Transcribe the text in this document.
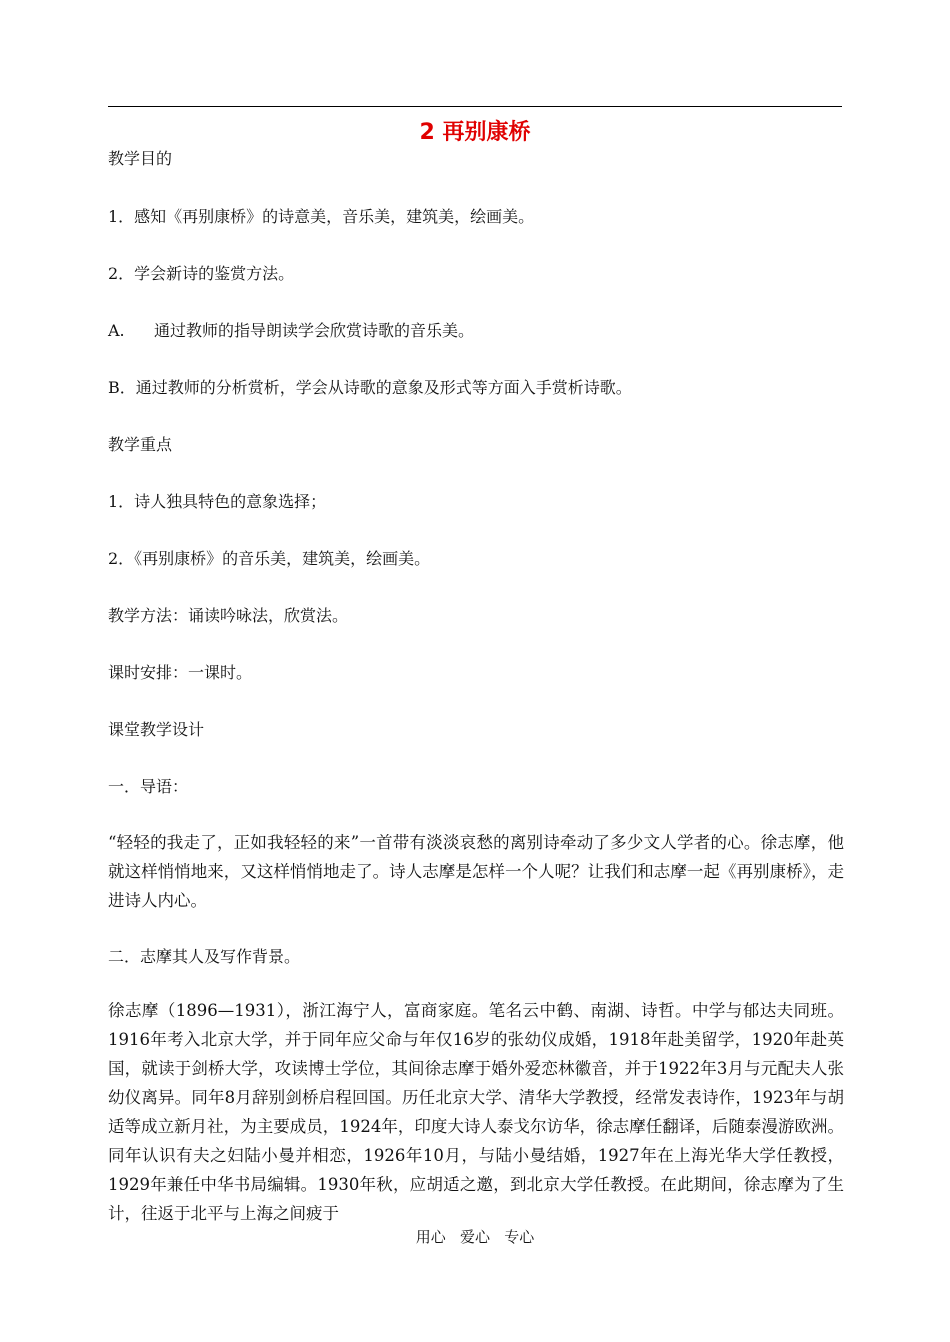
2 再别康桥
教学目的
1．感知《再别康桥》的诗意美，音乐美，建筑美，绘画美。
2．学会新诗的鉴赏方法。
A. 通过教师的指导朗读学会欣赏诗歌的音乐美。
B．通过教师的分析赏析，学会从诗歌的意象及形式等方面入手赏析诗歌。
教学重点
1．诗人独具特色的意象选择；
2．《再别康桥》的音乐美，建筑美，绘画美。
教学方法：诵读吟咏法，欣赏法。
课时安排：一课时。
课堂教学设计
一．导语：
“轻轻的我走了，正如我轻轻的来”一首带有淡淡哀愁的离别诗牵动了多少文人学者的心。徐志摩，他就这样悄悄地来，又这样悄悄地走了。诗人志摩是怎样一个人呢？让我们和志摩一起《再别康桥》，走进诗人内心。
二．志摩其人及写作背景。
徐志摩（1896—1931），浙江海宁人，富商家庭。笔名云中鹤、南湖、诗哲。中学与郁达夫同班。1916年考入北京大学，并于同年应父命与年仅16岁的张幼仪成婚，1918年赴美留学，1920年赴英国，就读于剑桥大学，攻读博士学位，其间徐志摩于婚外爱恋林徽音，并于1922年3月与元配夫人张幼仪离异。同年8月辞别剑桥启程回国。历任北京大学、清华大学教授，经常发表诗作，1923年与胡适等成立新月社，为主要成员，1924年，印度大诗人泰戈尔访华，徐志摩任翻译，后随泰漫游欧洲。同年认识有夫之妇陆小曼并相恋，1926年10月，与陆小曼结婚，1927年在上海光华大学任教授，1929年兼任中华书局编辑。1930年秋，应胡适之邀，到北京大学任教授。在此期间，徐志摩为了生计，往返于北平与上海之间疲于
用心   爱心   专心
